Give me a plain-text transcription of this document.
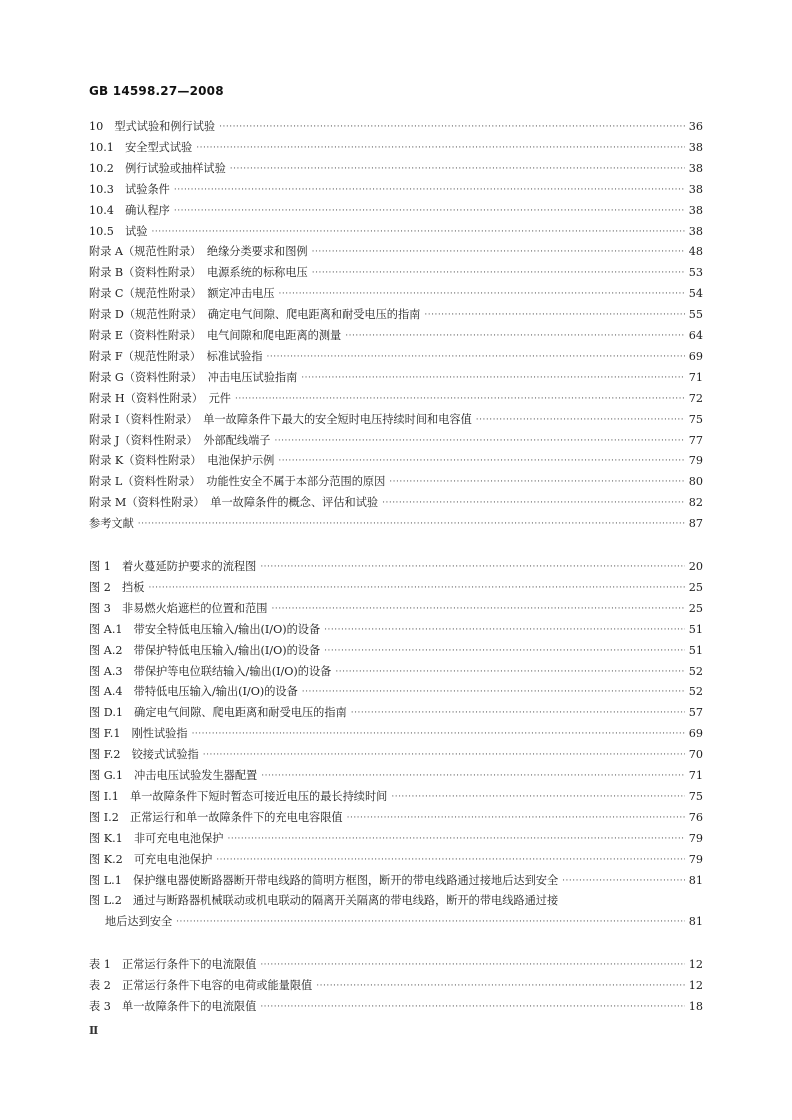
GB 14598.27—2008
10　型式试验和例行试验 ·····	36
10.1　安全型式试验 ·····	38
10.2　例行试验或抽样试验 ·····	38
10.3　试验条件 ·····	38
10.4　确认程序 ·····	38
10.5　试验 ·····	38
附录 A（规范性附录）　绝缘分类要求和图例 ·····	48
附录 B（资料性附录）　电源系统的标称电压 ·····	53
附录 C（规范性附录）　额定冲击电压 ·····	54
附录 D（规范性附录）　确定电气间隙、爬电距离和耐受电压的指南 ·····	55
附录 E（资料性附录）　电气间隙和爬电距离的测量 ·····	64
附录 F（规范性附录）　标准试验指 ·····	69
附录 G（资料性附录）　冲击电压试验指南 ·····	71
附录 H（资料性附录）　元件 ·····	72
附录 I（资料性附录）　单一故障条件下最大的安全短时电压持续时间和电容值 ·····	75
附录 J（资料性附录）　外部配线端子 ·····	77
附录 K（资料性附录）　电池保护示例 ·····	79
附录 L（资料性附录）　功能性安全不属于本部分范围的原因 ·····	80
附录 M（资料性附录）　单一故障条件的概念、评估和试验 ·····	82
参考文献 ·····	87
图 1　着火蔓延防护要求的流程图 ·····	20
图 2　挡板 ·····	25
图 3　非易燃火焰遮栏的位置和范围 ·····	25
图 A.1　带安全特低电压输入/输出(I/O)的设备 ·····	51
图 A.2　带保护特低电压输入/输出(I/O)的设备 ·····	51
图 A.3　带保护等电位联结输入/输出(I/O)的设备 ·····	52
图 A.4　带特低电压输入/输出(I/O)的设备 ·····	52
图 D.1　确定电气间隙、爬电距离和耐受电压的指南 ·····	57
图 F.1　刚性试验指 ·····	69
图 F.2　铰接式试验指 ·····	70
图 G.1　冲击电压试验发生器配置 ·····	71
图 I.1　单一故障条件下短时暂态可接近电压的最长持续时间 ·····	75
图 I.2　正常运行和单一故障条件下的充电电容限值 ·····	76
图 K.1　非可充电电池保护 ·····	79
图 K.2　可充电电池保护 ·····	79
图 L.1　保护继电器使断路器断开带电线路的简明方框图，断开的带电线路通过接地后达到安全 ·····	81
图 L.2　通过与断路器机械联动或机电联动的隔离开关隔离的带电线路，断开的带电线路通过接
地后达到安全 ·····	81
表 1　正常运行条件下的电流限值 ·····	12
表 2　正常运行条件下电容的电荷或能量限值 ·····	12
表 3　单一故障条件下的电流限值 ·····	18
Ⅱ
